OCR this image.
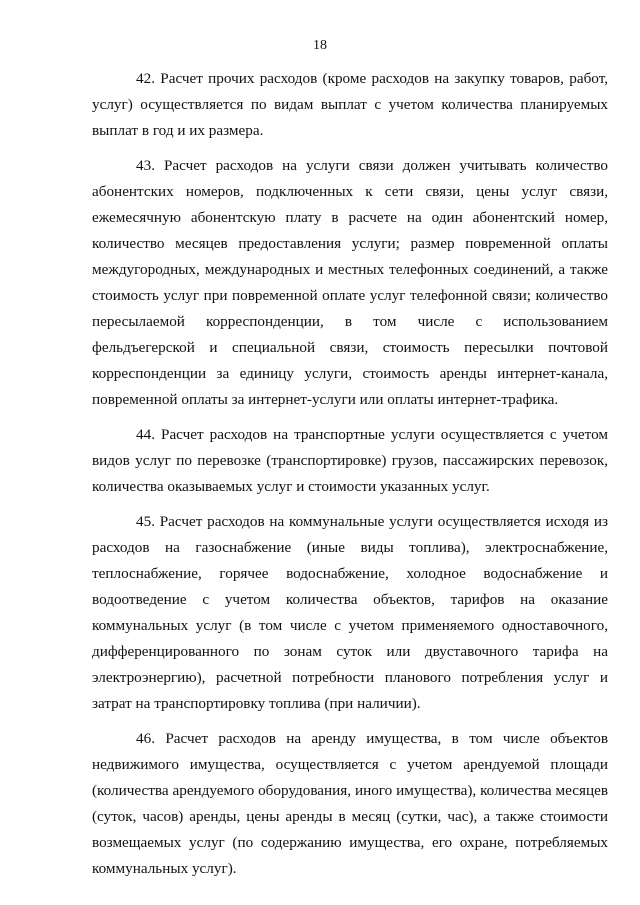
18

42. Расчет прочих расходов (кроме расходов на закупку товаров, работ, услуг) осуществляется по видам выплат с учетом количества планируемых выплат в год и их размера.

43. Расчет расходов на услуги связи должен учитывать количество абонентских номеров, подключенных к сети связи, цены услуг связи, ежемесячную абонентскую плату в расчете на один абонентский номер, количество месяцев предоставления услуги; размер повременной оплаты междугородных, международных и местных телефонных соединений, а также стоимость услуг при повременной оплате услуг телефонной связи; количество пересылаемой корреспонденции, в том числе с использованием фельдъегерской и специальной связи, стоимость пересылки почтовой корреспонденции за единицу услуги, стоимость аренды интернет-канала, повременной оплаты за интернет-услуги или оплаты интернет-трафика.

44. Расчет расходов на транспортные услуги осуществляется с учетом видов услуг по перевозке (транспортировке) грузов, пассажирских перевозок, количества оказываемых услуг и стоимости указанных услуг.

45. Расчет расходов на коммунальные услуги осуществляется исходя из расходов на газоснабжение (иные виды топлива), электроснабжение, теплоснабжение, горячее водоснабжение, холодное водоснабжение и водоотведение с учетом количества объектов, тарифов на оказание коммунальных услуг (в том числе с учетом применяемого одноставочного, дифференцированного по зонам суток или двуставочного тарифа на электроэнергию), расчетной потребности планового потребления услуг и затрат на транспортировку топлива (при наличии).

46. Расчет расходов на аренду имущества, в том числе объектов недвижимого имущества, осуществляется с учетом арендуемой площади (количества арендуемого оборудования, иного имущества), количества месяцев (суток, часов) аренды, цены аренды в месяц (сутки, час), а также стоимости возмещаемых услуг (по содержанию имущества, его охране, потребляемых коммунальных услуг).
